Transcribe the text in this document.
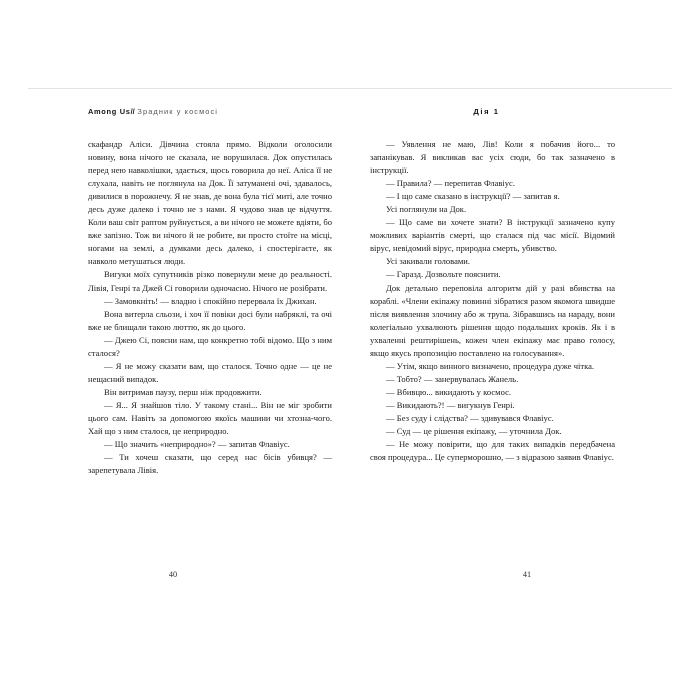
Among Us// Зрадник у космосі

скафандр Аліси. Дівчина стояла прямо. Відколи оголосили новину, вона нічого не сказала, не ворушилася. Док опустилась перед нею навколішки, здається, щось говорила до неї. Аліса її не слухала, навіть не поглянула на Док. Її затуманені очі, здавалось, дивилися в порожнечу. Я не знав, де вона була тієї миті, але точно десь дуже далеко і точно не з нами. Я чудово знав це відчуття. Коли ваш світ раптом руйнується, а ви нічого не можете вдіяти, бо вже запізно. Тож ви нічого й не робите, ви просто стоїте на місці, ногами на землі, а думками десь далеко, і спостерігаєте, як навколо метушаться люди.

Вигуки моїх супутників різко повернули мене до реальності. Лівія, Генрі та Джей Сі говорили одночасно. Нічого не розібрати.

— Замовкніть! — владно і спокійно перервала їх Джихан.

Вона витерла сльози, і хоч її повіки досі були набряклі, та очі вже не блищали такою люттю, як до цього.

— Джею Сі, поясни нам, що конкретно тобі відомо. Що з ним сталося?

— Я не можу сказати вам, що сталося. Точно одне — це не нещасний випадок.

Він витримав паузу, перш ніж продовжити.

— Я... Я знайшов тіло. У такому стані... Він не міг зробити цього сам. Навіть за допомогою якоїсь машини чи хтозна-чого. Хай що з ним сталося, це неприродно.

— Що значить «неприродно»? — запитав Флавіус.

— Ти хочеш сказати, що серед нас бісів убивця? — зарепетувала Лівія.

40
Дія 1

— Уявлення не маю, Лів! Коли я побачив його... то запанікував. Я викликав вас усіх сюди, бо так зазначено в інструкції.

— Правила? — перепитав Флавіус.

— І що саме сказано в інструкції? — запитав я.

Усі поглянули на Док.

— Що саме ви хочете знати? В інструкції зазначено купу можливих варіантів смерті, що сталася під час місії. Відомий вірус, невідомий вірус, природна смерть, убивство.

Усі закивали головами.

— Гаразд. Дозвольте пояснити.

Док детально переповіла алгоритм дій у разі вбивства на кораблі. «Члени екіпажу повинні зібратися разом якомога швидше після виявлення злочину або ж трупа. Зібравшись на нараду, вони колегіально ухвалюють рішення щодо подальших кроків. Як і в ухваленні рештирішень, кожен член екіпажу має право голосу, якщо якусь пропозицію поставлено на голосування».

— Утім, якщо винного визначено, процедура дуже чітка.

— Тобто? — занервувалась Жанель.

— Вбивцю... викидають у космос.

— Викидають?! — вигукнув Генрі.

— Без суду і слідства? — здивувався Флавіус.

— Суд — це рішення екіпажу, — уточнила Док.

— Не можу повірити, що для таких випадків передбачена своя процедура... Це суперморошно, — з відразою заявив Флавіус.

41
